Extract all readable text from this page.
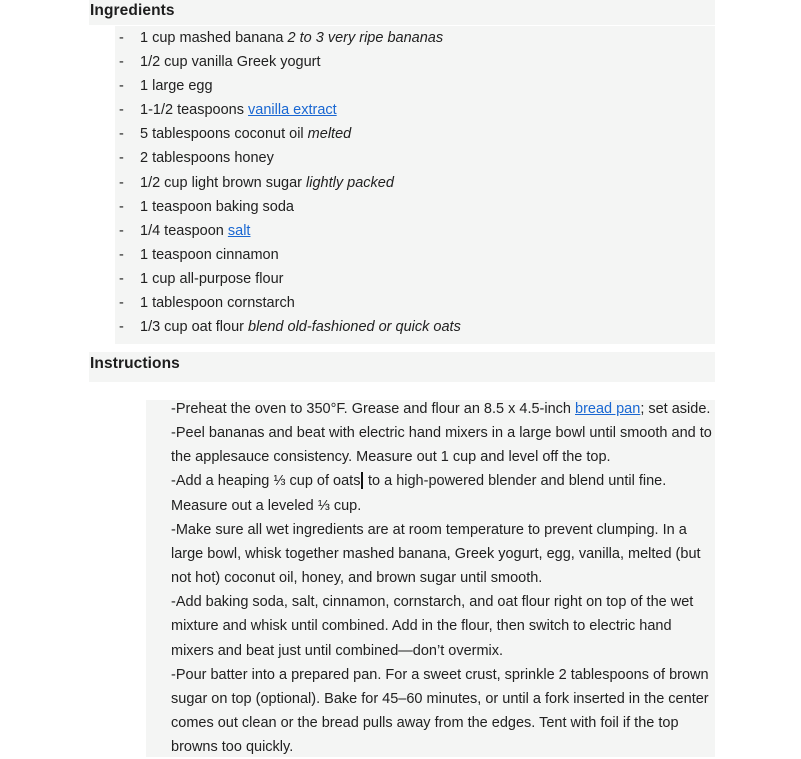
Ingredients
- 1 cup mashed banana 2 to 3 very ripe bananas
- 1/2 cup vanilla Greek yogurt
- 1 large egg
- 1-1/2 teaspoons vanilla extract
- 5 tablespoons coconut oil melted
- 2 tablespoons honey
- 1/2 cup light brown sugar lightly packed
- 1 teaspoon baking soda
- 1/4 teaspoon salt
- 1 teaspoon cinnamon
- 1 cup all-purpose flour
- 1 tablespoon cornstarch
- 1/3 cup oat flour blend old-fashioned or quick oats
Instructions

-Preheat the oven to 350°F. Grease and flour an 8.5 x 4.5-inch bread pan; set aside.

-Peel bananas and beat with electric hand mixers in a large bowl until smooth and to the applesauce consistency. Measure out 1 cup and level off the top.

-Add a heaping ⅓ cup of oats to a high-powered blender and blend until fine. Measure out a leveled ⅓ cup.

-Make sure all wet ingredients are at room temperature to prevent clumping. In a large bowl, whisk together mashed banana, Greek yogurt, egg, vanilla, melted (but not hot) coconut oil, honey, and brown sugar until smooth.

-Add baking soda, salt, cinnamon, cornstarch, and oat flour right on top of the wet mixture and whisk until combined. Add in the flour, then switch to electric hand mixers and beat just until combined—don’t overmix.

-Pour batter into a prepared pan. For a sweet crust, sprinkle 2 tablespoons of brown sugar on top (optional). Bake for 45–60 minutes, or until a fork inserted in the center comes out clean or the bread pulls away from the edges. Tent with foil if the top browns too quickly.
